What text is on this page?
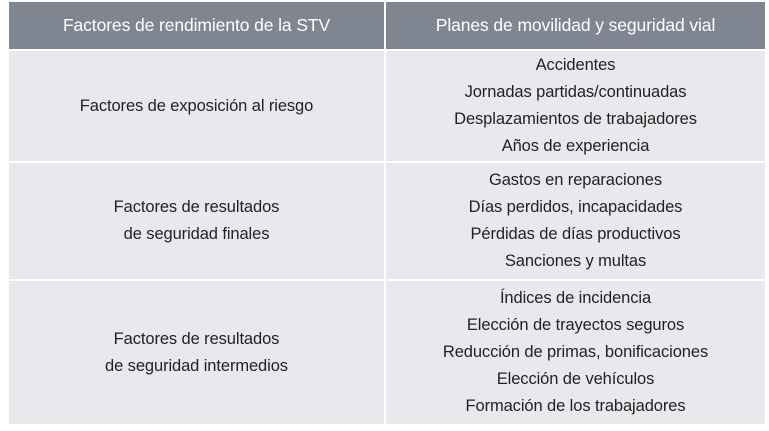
Factores de rendimiento de la STV	Planes de movilidad y seguridad vial
Factores de exposición al riesgo
Accidentes
Jornadas partidas/continuadas
Desplazamientos de trabajadores
Años de experiencia
Factores de resultados
de seguridad finales
Gastos en reparaciones
Días perdidos, incapacidades
Pérdidas de días productivos
Sanciones y multas
Factores de resultados
de seguridad intermedios
Índices de incidencia
Elección de trayectos seguros
Reducción de primas, bonificaciones
Elección de vehículos
Formación de los trabajadores
